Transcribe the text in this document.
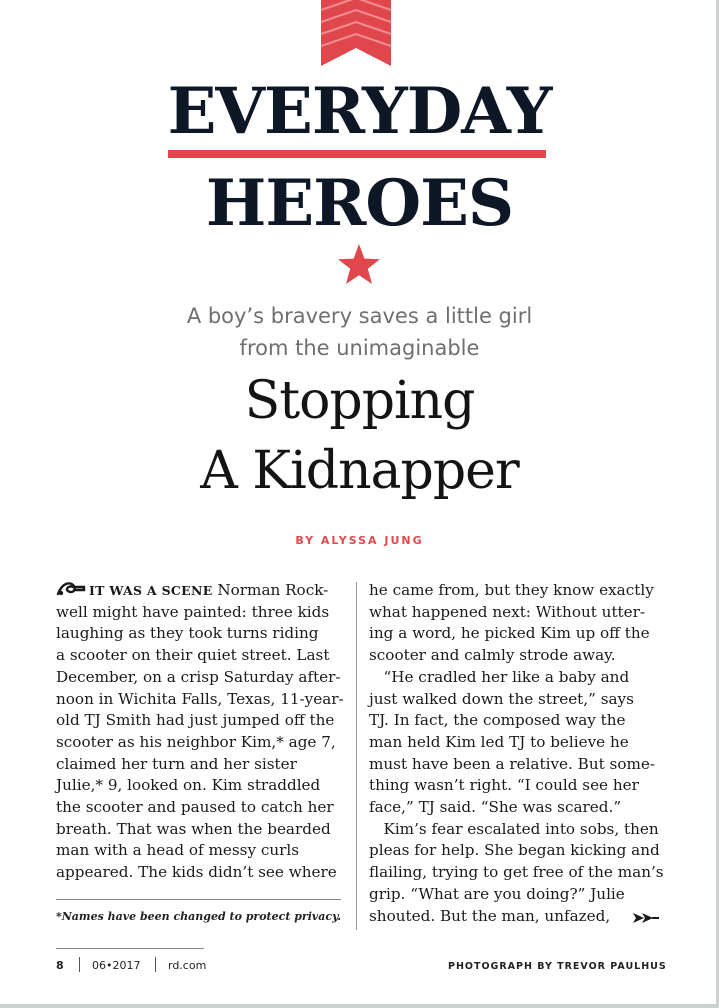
EVERYDAY
HEROES
A boy’s bravery saves a little girl
from the unimaginable
Stopping
A Kidnapper
BY ALYSSA JUNG

IT WAS A SCENE Norman Rock-

well might have painted: three kids

laughing as they took turns riding

a scooter on their quiet street. Last

December, on a crisp Saturday after-

noon in Wichita Falls, Texas, 11-year-

old TJ Smith had just jumped off the

scooter as his neighbor Kim,* age 7,

claimed her turn and her sister

Julie,* 9, looked on. Kim straddled

the scooter and paused to catch her

breath. That was when the bearded

man with a head of messy curls

appeared. The kids didn’t see where

he came from, but they know exactly

what happened next: Without utter-

ing a word, he picked Kim up off the

scooter and calmly strode away.

“He cradled her like a baby and

just walked down the street,” says

TJ. In fact, the composed way the

man held Kim led TJ to believe he

must have been a relative. But some-

thing wasn’t right. “I could see her

face,” TJ said. “She was scared.”

Kim’s fear escalated into sobs, then

pleas for help. She began kicking and

flailing, trying to get free of the man’s

grip. “What are you doing?” Julie

shouted. But the man, unfazed,

*Names have been changed to protect privacy.
8	06•2017	rd.com	PHOTOGRAPH BY TREVOR PAULHUS
